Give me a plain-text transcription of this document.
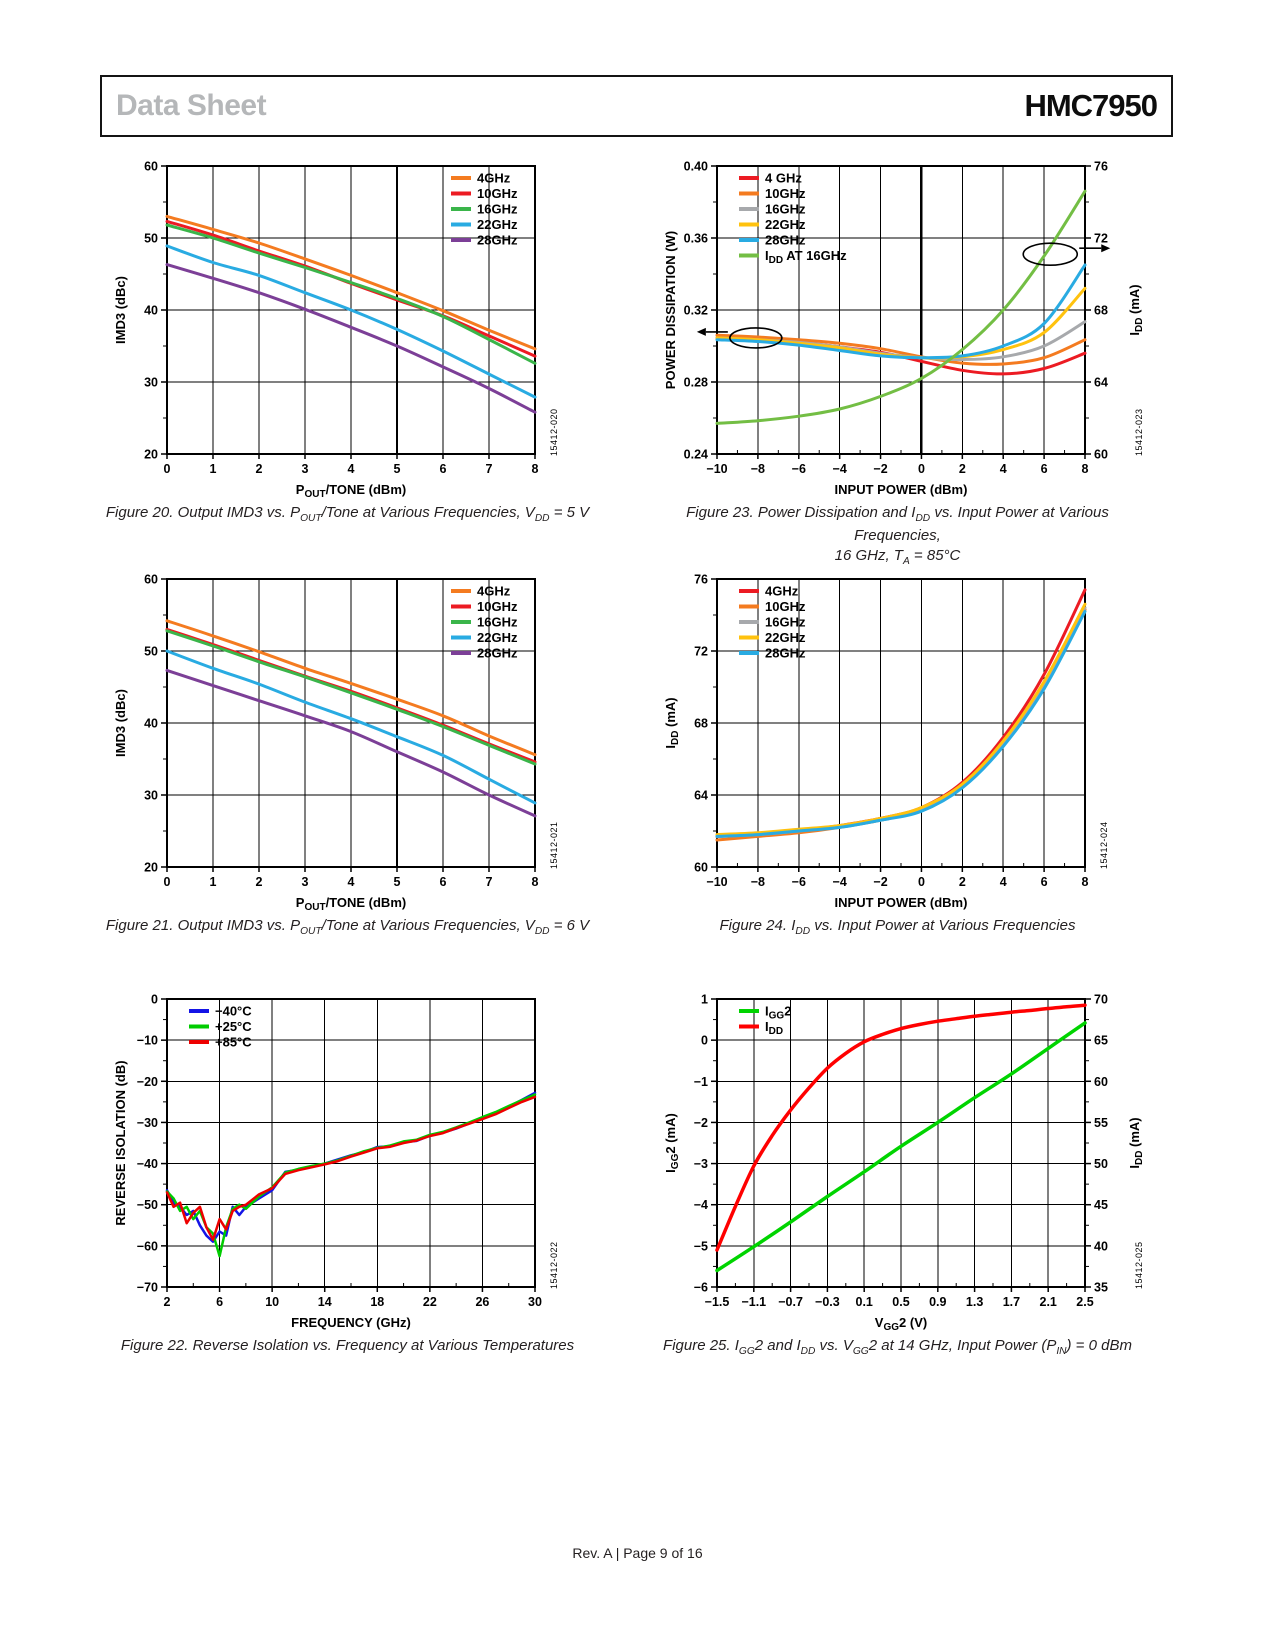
Data Sheet	HMC7950
0	1	2	3	4	5	6	7	8
20
30
40
50
60
$P_{OUT}$/TONE (dBm)
IMD3 (dBc)
4GHz
10GHz
16GHz
22GHz
28GHz
15412-020
Figure 20. Output IMD3 vs. $P_{OUT}$/Tone at Various Frequencies, $V_{DD} = 5$ V
−10 −8 −6 −4 −2 0	2	4	6	8
0.24
0.28
0.32
0.36
0.40
60
64
68
72
76
$I_{DD}$ (mA)
INPUT POWER (dBm)
POWER DISSIPATION (W)
4 GHz
10GHz
16GHz
22GHz
28GHz
$I_{DD}$ AT 16GHz
15412-023
Figure 23. Power Dissipation and $I_{DD}$ vs. Input Power at Various Frequencies,
16 GHz, $T_A = 85^\circ C$
0	1	2	3	4	5	6	7	8
20
30
40
50
60
$P_{OUT}$/TONE (dBm)
IMD3 (dBc)
4GHz
10GHz
16GHz
22GHz
28GHz
15412-021
Figure 21. Output IMD3 vs. $P_{OUT}$/Tone at Various Frequencies, $V_{DD} = 6$ V
−10 −8 −6 −4 −2 0	2	4	6	8
60
64
68
72
76
INPUT POWER (dBm)
$I_{DD}$ (mA)
4GHz
10GHz
16GHz
22GHz
28GHz
15412-024
Figure 24. $I_{DD}$ vs. Input Power at Various Frequencies
2	6	10	14	18	22	26	30
0
−10
−20
−30
−40
−50
−60
−70
FREQUENCY (GHz)
REVERSE ISOLATION (dB)
−40°C
+25°C
+85°C
15412-022
Figure 22. Reverse Isolation vs. Frequency at Various Temperatures
−1.5 −1.1 −0.7 −0.3 0.1 0.5 0.9 1.3 1.7 2.1 2.5
1
0
−1
−2
−3
−4
−5
−6	35
40
45
50
55
60
65
70
$I_{DD}$ (mA)
$V_{GG}2$ (V)
$I_{GG}2$ (mA)
$I_{GG}2$
$I_{DD}$
15412-025
Figure 25. $I_{GG}2$ and $I_{DD}$ vs. $V_{GG}2$ at 14 GHz, Input Power $(P_{IN}) = 0$ dBm
Rev. A | Page 9 of 16
